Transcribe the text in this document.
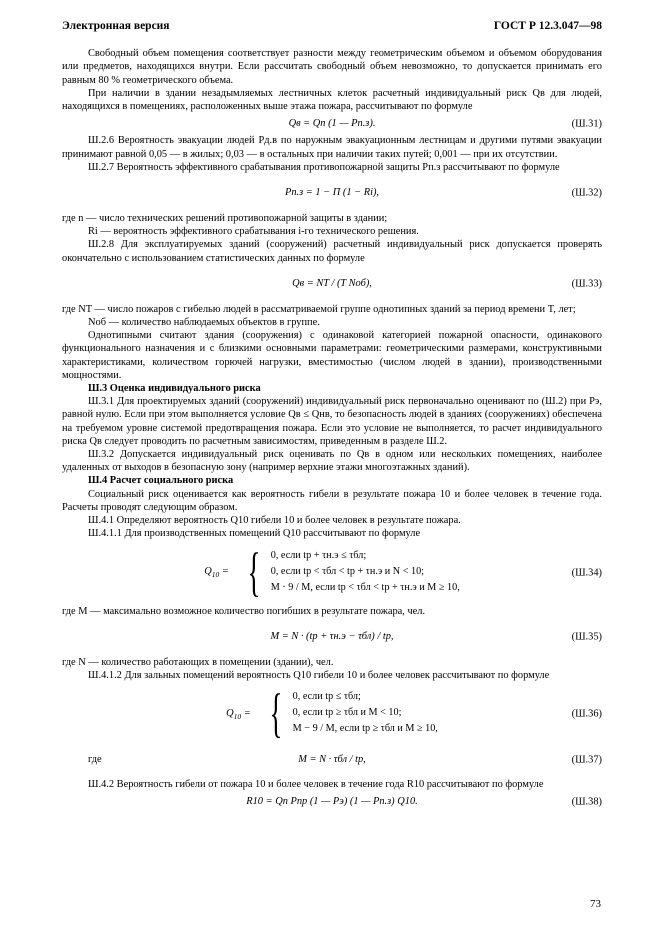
Электронная версия	ГОСТ Р 12.3.047—98

Свободный объем помещения соответствует разности между геометрическим объемом и объемом оборудования или предметов, находящихся внутри. Если рассчитать свободный объем невозможно, то допускается принимать его равным 80 % геометрического объема.

При наличии в здании незадымляемых лестничных клеток расчетный индивидуальный риск Qв для людей, находящихся в помещениях, расположенных выше этажа пожара, рассчитывают по формуле

Qв = Qп (1 — Pп.з).	(Ш.31)

Ш.2.6 Вероятность эвакуации людей Pд.в по наружным эвакуационным лестницам и другими путями эвакуации принимают равной 0,05 — в жилых; 0,03 — в остальных при наличии таких путей; 0,001 — при их отсутствии.

Ш.2.7 Вероятность эффективного срабатывания противопожарной защиты Pп.з рассчитывают по формуле

Pп.з = 1 − Π (1 − Ri),	(Ш.32)

где n — число технических решений противопожарной защиты в здании;

Ri — вероятность эффективного срабатывания i-го технического решения.

Ш.2.8 Для эксплуатируемых зданий (сооружений) расчетный индивидуальный риск допускается проверять окончательно с использованием статистических данных по формуле

Qв = NT / (T Nоб),	(Ш.33)

где NT — число пожаров с гибелью людей в рассматриваемой группе однотипных зданий за период времени T, лет;

Nоб — количество наблюдаемых объектов в группе.

Однотипными считают здания (сооружения) с одинаковой категорией пожарной опасности, одинакового функционального назначения и с близкими основными параметрами: геометрическими размерами, конструктивными характеристиками, количеством горючей нагрузки, вместимостью (числом людей в здании), производственными мощностями.

Ш.3 Оценка индивидуального риска

Ш.3.1 Для проектируемых зданий (сооружений) индивидуальный риск первоначально оценивают по (Ш.2) при Pэ, равной нулю. Если при этом выполняется условие Qв ≤ Qнв, то безопасность людей в зданиях (сооружениях) обеспечена на требуемом уровне системой предотвращения пожара. Если это условие не выполняется, то расчет индивидуального риска Qв следует проводить по расчетным зависимостям, приведенным в разделе Ш.2.

Ш.3.2 Допускается индивидуальный риск оценивать по Qв в одном или нескольких помещениях, наиболее удаленных от выходов в безопасную зону (например верхние этажи многоэтажных зданий).

Ш.4 Расчет социального риска

Социальный риск оценивается как вероятность гибели в результате пожара 10 и более человек в течение года. Расчеты проводят следующим образом.

Ш.4.1 Определяют вероятность Q10 гибели 10 и более человек в результате пожара.

Ш.4.1.1 Для производственных помещений Q10 рассчитывают по формуле

$Q_{10}$ = { 0, если tр + τн.э ≤ τбл;
0, если tр < τбл < tр + τн.э и N < 10;
M · 9 / M, если tр < τбл < tр + τн.э и M ≥ 10,
(Ш.34)

где M — максимально возможное количество погибших в результате пожара, чел.

M = N · (tр + τн.э − τбл) / tр,	(Ш.35)

где N — количество работающих в помещении (здании), чел.

Ш.4.1.2 Для зальных помещений вероятность Q10 гибели 10 и более человек рассчитывают по формуле

$Q_{10}$ = { 0, если tр ≤ τбл;
0, если tр ≥ τбл и M < 10;
M − 9 / M, если tр ≥ τбл и M ≥ 10,
(Ш.36)
где	M = N · τбл / tр,	(Ш.37)

Ш.4.2 Вероятность гибели от пожара 10 и более человек в течение года R10 рассчитывают по формуле

R10 = Qп Pпр (1 — Pэ) (1 — Pп.з) Q10.	(Ш.38)
73
